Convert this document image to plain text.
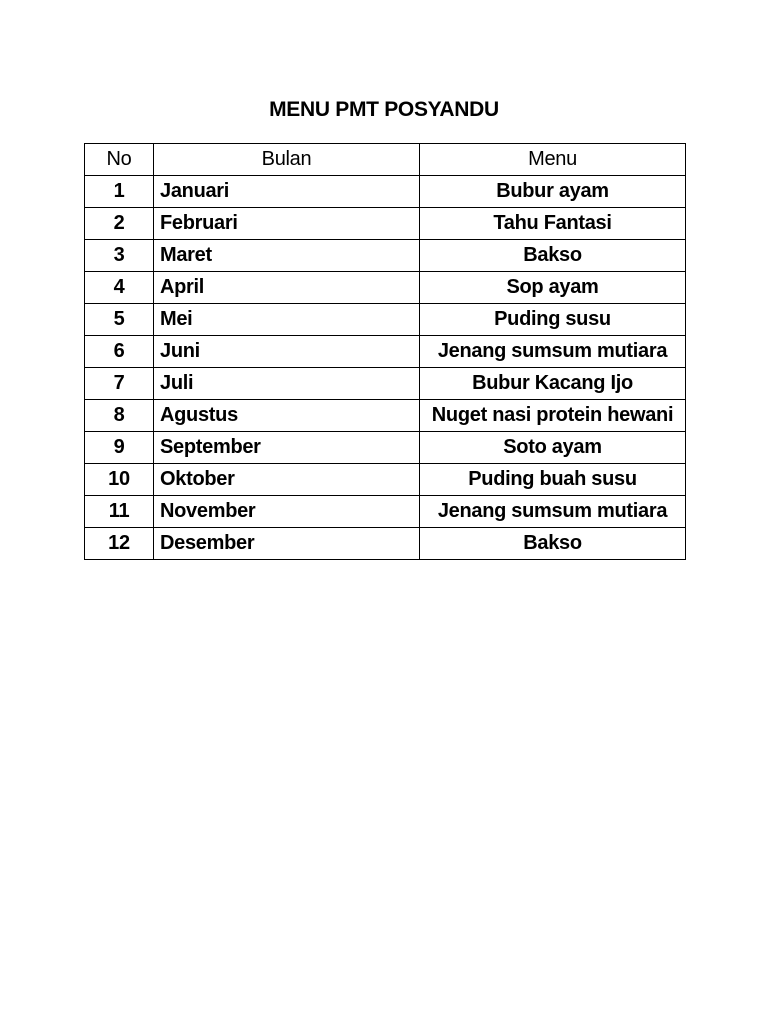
MENU PMT POSYANDU
No	Bulan	Menu
1	Januari	Bubur ayam
2	Februari	Tahu Fantasi
3	Maret	Bakso
4	April	Sop ayam
5	Mei	Puding susu
6	Juni	Jenang sumsum mutiara
7	Juli	Bubur Kacang Ijo
8	Agustus	Nuget nasi protein hewani
9	September	Soto ayam
10	Oktober	Puding buah susu
11	November	Jenang sumsum mutiara
12	Desember	Bakso
